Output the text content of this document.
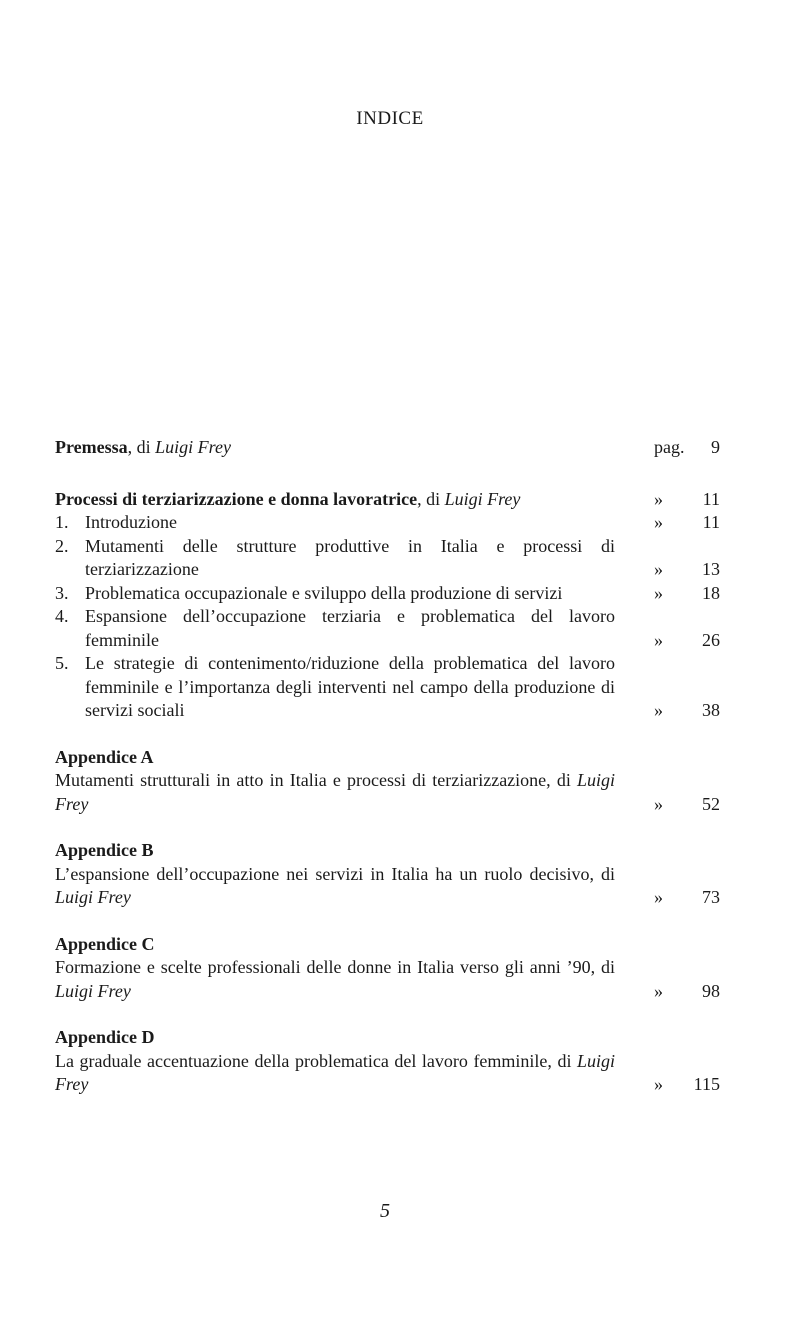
INDICE
Premessa, di Luigi Frey	pag. 9
Processi di terziarizzazione e donna lavoratrice, di Luigi Frey	» 11
1. Introduzione	» 11
2. Mutamenti delle strutture produttive in Italia e processi di terziarizzazione	» 13
3. Problematica occupazionale e sviluppo della produzione di servizi	» 18
4. Espansione dell’occupazione terziaria e problematica del lavoro femminile	» 26
5. Le strategie di contenimento/riduzione della problematica del lavoro femminile e l’importanza degli interventi nel campo della produzione di servizi sociali	» 38
Appendice A
Mutamenti strutturali in atto in Italia e processi di terziarizzazione, di Luigi Frey	» 52
Appendice B
L’espansione dell’occupazione nei servizi in Italia ha un ruolo decisivo, di Luigi Frey	» 73
Appendice C
Formazione e scelte professionali delle donne in Italia verso gli anni ’90, di Luigi Frey	» 98
Appendice D
La graduale accentuazione della problematica del lavoro femminile, di Luigi Frey	» 115
5
